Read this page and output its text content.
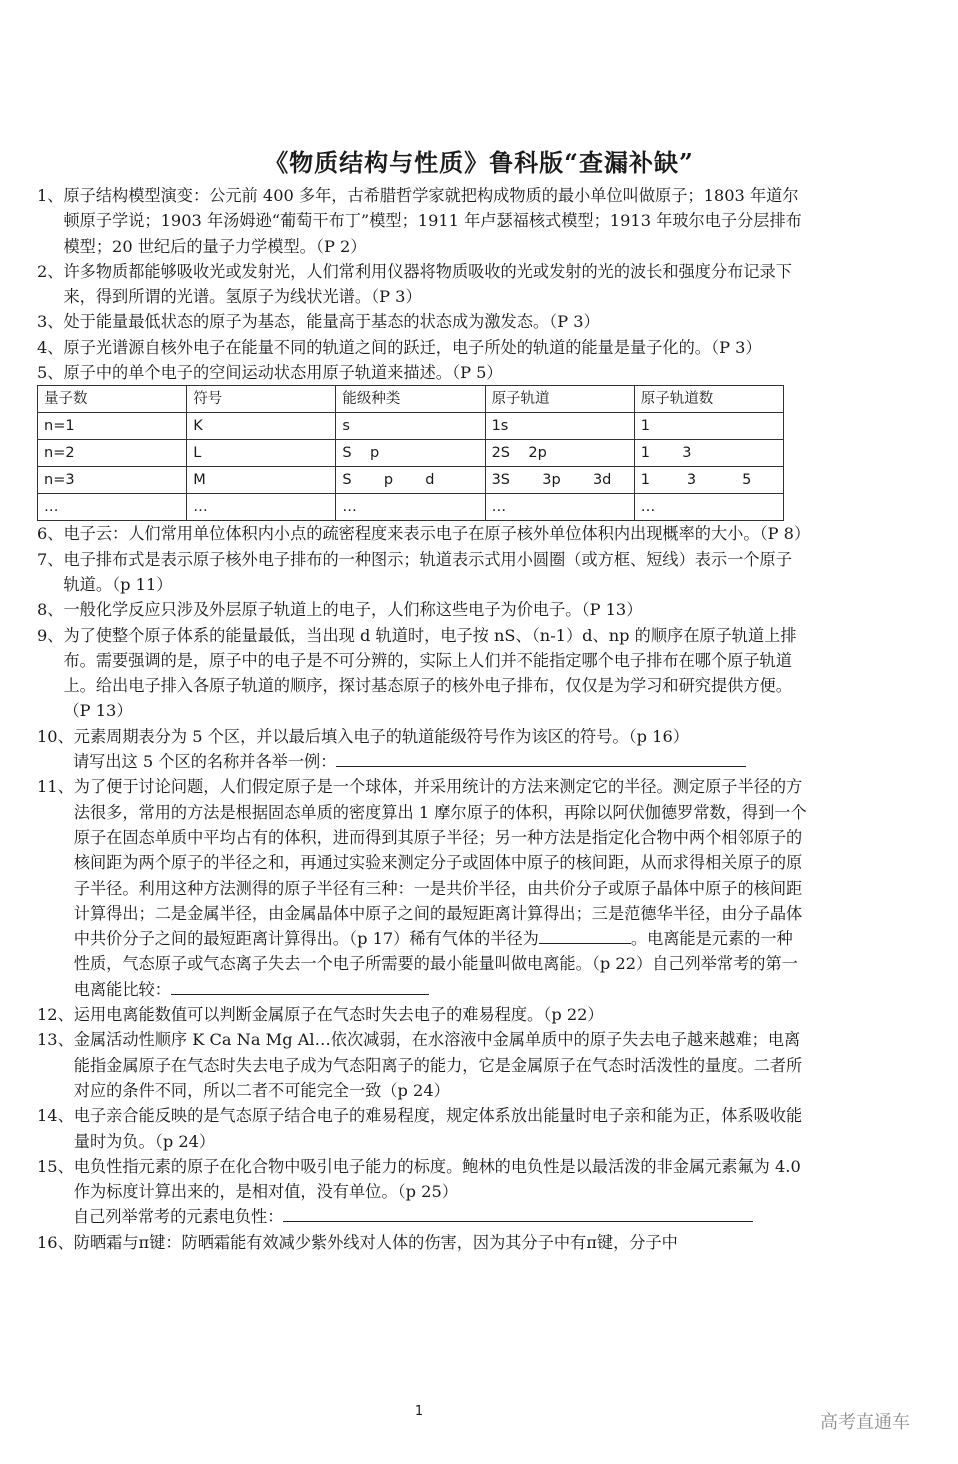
《物质结构与性质》鲁科版“查漏补缺”
1、 原子结构模型演变：公元前 400 多年，古希腊哲学家就把构成物质的最小单位叫做原子；1803 年道尔顿原子学说；1903 年汤姆逊“葡萄干布丁”模型；1911 年卢瑟福核式模型；1913 年玻尔电子分层排布模型；20 世纪后的量子力学模型。（P 2）
2、 许多物质都能够吸收光或发射光，人们常利用仪器将物质吸收的光或发射的光的波长和强度分布记录下来，得到所谓的光谱。氢原子为线状光谱。（P 3）
3、 处于能量最低状态的原子为基态，能量高于基态的状态成为激发态。（P 3）
4、 原子光谱源自核外电子在能量不同的轨道之间的跃迁，电子所处的轨道的能量是量子化的。（P 3）
5、 原子中的单个电子的空间运动状态用原子轨道来描述。（P 5）
量子数	符号	能级种类	原子轨道	原子轨道数
n=1	K	s	1s	1
n=2	L	S    p	2S    2p	1       3
n=3	M	S       p       d	3S       3p       3d	1        3          5
…	…	…	…	…
6、 电子云：人们常用单位体积内小点的疏密程度来表示电子在原子核外单位体积内出现概率的大小。（P 8）
7、 电子排布式是表示原子核外电子排布的一种图示；轨道表示式用小圆圈（或方框、短线）表示一个原子轨道。（p 11）
8、 一般化学反应只涉及外层原子轨道上的电子，人们称这些电子为价电子。（P 13）
9、 为了使整个原子体系的能量最低，当出现 d 轨道时，电子按 nS、（n-1）d、np 的顺序在原子轨道上排布。需要强调的是，原子中的电子是不可分辨的，实际上人们并不能指定哪个电子排布在哪个原子轨道上。给出电子排入各原子轨道的顺序，探讨基态原子的核外电子排布，仅仅是为学习和研究提供方便。（P 13）
10、 元素周期表分为 5 个区，并以最后填入电子的轨道能级符号作为该区的符号。（p 16）
请写出这 5 个区的名称并各举一例：
11、 为了便于讨论问题，人们假定原子是一个球体，并采用统计的方法来测定它的半径。测定原子半径的方法很多，常用的方法是根据固态单质的密度算出 1 摩尔原子的体积，再除以阿伏伽德罗常数，得到一个原子在固态单质中平均占有的体积，进而得到其原子半径；另一种方法是指定化合物中两个相邻原子的核间距为两个原子的半径之和，再通过实验来测定分子或固体中原子的核间距，从而求得相关原子的原子半径。利用这种方法测得的原子半径有三种：一是共价半径，由共价分子或原子晶体中原子的核间距计算得出；二是金属半径，由金属晶体中原子之间的最短距离计算得出；三是范德华半径，由分子晶体中共价分子之间的最短距离计算得出。（p 17）稀有气体的半径为	。电离能是元素的一种性质，气态原子或气态离子失去一个电子所需要的最小能量叫做电离能。（p 22）自己列举常考的第一电离能比较：
12、 运用电离能数值可以判断金属原子在气态时失去电子的难易程度。（p 22）
13、 金属活动性顺序 K Ca Na Mg Al…依次减弱，在水溶液中金属单质中的原子失去电子越来越难；电离能指金属原子在气态时失去电子成为气态阳离子的能力，它是金属原子在气态时活泼性的量度。二者所对应的条件不同，所以二者不可能完全一致（p 24）
14、 电子亲合能反映的是气态原子结合电子的难易程度，规定体系放出能量时电子亲和能为正，体系吸收能量时为负。（p 24）
15、 电负性指元素的原子在化合物中吸引电子能力的标度。鲍林的电负性是以最活泼的非金属元素氟为 4.0 作为标度计算出来的，是相对值，没有单位。（p 25）
自己列举常考的元素电负性：
16、 防晒霜与π键：防晒霜能有效减少紫外线对人体的伤害，因为其分子中有π键，分子中
1
高考直通车
